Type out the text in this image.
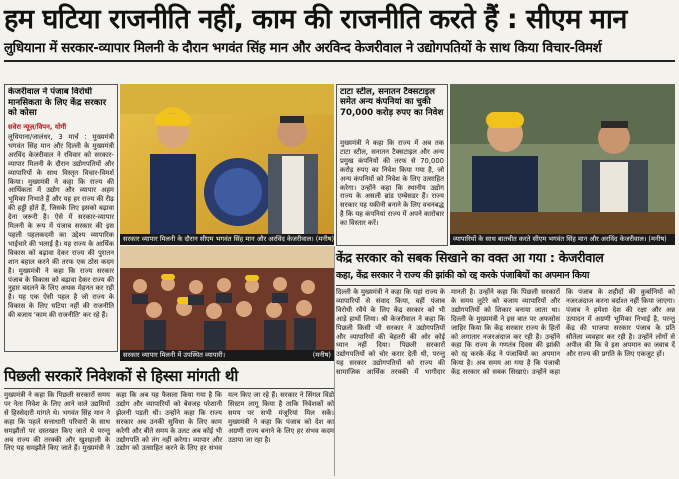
हम घटिया राजनीति नहीं, काम की राजनीति करते हैं : सीएम मान
लुधियाना में सरकार-व्यापार मिलनी के दौरान भगवंत सिंह मान और अरविन्द केजरीवाल ने उद्योगपतियों के साथ किया विचार-विमर्श
केजरीवाल ने पंजाब विरोधी मानसिकता के लिए केंद्र सरकार को कोसा
सवेरा न्यूज़/विपन, योगी
लुधियाना/जालंधर, 3 मार्च : मुख्यमंत्री भगवंत सिंह मान और दिल्ली के मुख्यमंत्री अरविंद केजरीवाल ने रविवार को सरकार-व्यापार मिलनी के दौरान उद्योगपतियों और व्यापारियों के साथ विस्तृत विचार-विमर्श किया। मुख्यमंत्री ने कहा कि राज्य की आर्थिकता में उद्योग और व्यापार अहम भूमिका निभाते हैं और यह हर राज्य की रीढ़ की हड्डी होते हैं, जिसके लिए इसको बढ़ावा देना जरूरी है। ऐसे में सरकार-व्यापार मिलनी के रूप में पंजाब सरकार की इस पहली पहलकदमी का उद्देश्य व्यापारिक भाईचारे की भलाई है। यह राज्य के आर्थिक विकास को बढ़ावा देकर राज्य की पुरातन शान बहाल करने की तरफ एक ठोस कदम है। मुख्यमंत्री ने कहा कि राज्य सरकार पंजाब के विकास को बढ़ावा देकर राज्य की नुहार बदलने के लिए अथक मेहनत कर रही है। यह एक ऐसी पहल है जो राज्य के विकास के लिए घटिया नहीं की राजनीति की बजाय 'काम की राजनीति' कर रहे हैं।
सरकार व्यापार मिलनी के दौरान सीएम भगवंत सिंह मान और अरविंद केजरीवाल। (मनीष)
टाटा स्टील, सनातन टैक्सटाइल समेत अन्य कंपनियां का चुकी 70,000 करोड़ रुपए का निवेश
मुख्यमंत्री ने कहा कि राज्य में अब तक टाटा स्टील, सनातन टैक्सटाइल और अन्य प्रमुख कंपनियों की तरफ से 70,000 करोड़ रुपए का निवेश किया गया है, जो अन्य कंपनियों को निवेश के लिए उत्साहित करेगा। उन्होंने कहा कि स्थानीय उद्योग राज्य के असली ब्रांड एम्बेसडर हैं। राज्य सरकार यह यकीनी बनाने के लिए वचनबद्ध है कि यह कंपनियां राज्य में अपने कारोबार का विस्तार करें।
व्यापारियों के साथ बातचीत करते सीएम भगवंत सिंह मान और अरविंद केजरीवाल। (मनीष)
सरकार व्यापार मिलनी में उपस्थित व्यापारी।	(मनीष)
केंद्र सरकार को सबक सिखाने का वक्त आ गया : केजरीवाल
कहा, केंद्र सरकार ने राज्य की झांकी को रद्द करके पंजाबियों का अपमान किया
दिल्ली के मुख्यमंत्री ने कहा कि यहां राज्य के व्यापारियों से संवाद किया, वहीं पंजाब विरोधी रवैये के लिए केंद्र सरकार को भी आड़े हाथों लिया। श्री केजरीवाल ने कहा कि पिछली किसी भी सरकार ने उद्योगपतियों और व्यापारियों की बेहतरी की ओर कोई ध्यान नहीं दिया। पिछली सरकारों उद्योगपतियों को चोर करार देती थी, परन्तु यह सरकार उद्योगपतियों को राज्य की सामाजिक आर्थिक तरक्की में भागीदार मानती है। उन्होंने कहा कि पिछली सरकारों के समय लुटेरे को बजाय व्यापारियों और उद्योगपतियों को शिकार बनाया जाता था। दिल्ली के मुख्यमंत्री ने इस बात पर अफसोस जाहिर किया कि केंद्र सरकार राज्य के हितों को लगातार नजरअंदाज कर रही है। उन्होंने कहा कि राज्य के गणतंत्र दिवस की झांकी को रद्द करके केंद्र ने पंजाबियों का अपमान किया है। अब समय आ गया है कि पंजाबी केंद्र सरकार को सबक सिखाएं। उन्होंने कहा कि पंजाब के शहीदों की कुर्बानियों को नजरअंदाज करना बर्दाश्त नहीं किया जाएगा। पंजाब ने हमेशा देश की रक्षा और अन्न उत्पादन में अग्रणी भूमिका निभाई है, परन्तु केंद्र की भाजपा सरकार पंजाब के प्रति सौतेला व्यवहार कर रही है। उन्होंने लोगों से अपील की कि वे इस अपमान का जवाब दें और राज्य की प्रगति के लिए एकजुट हों।
पिछली सरकारें निवेशकों से हिस्सा मांगती थी
मुख्यमंत्री ने कहा कि पिछली सरकारों समय पर नेता निवेश के लिए आने वाले उद्यमियों से हिस्सेदारी मांगते थे। भगवंत सिंह मान ने कहा कि पहले सत्ताधारी परिवारों के साथ समझौतों पर दस्तखत किए जाते थे परन्तु अब राज्य की तरक्की और खुशहाली के लिए यह समझौते किए जाते हैं। मुख्यमंत्री ने कहा कि अब यह फैसला किया गया है कि उद्योग और व्यापारियों को बेवजह परेशानी झेलनी पड़ती थी। उन्होंने कहा कि राज्य सरकार अब उनकी सुविधा के लिए काम करेगी और बीते समय के उलट अब कोई भी उद्योगपति को तंग नहीं करेगा। व्यापार और उद्योग को उत्साहित करने के लिए हर संभव यत्न किए जा रहे हैं। सरकार ने सिंगल विंडो सिस्टम लागू किया है ताकि निवेशकों को समय पर सभी मंजूरियां मिल सकें। मुख्यमंत्री ने कहा कि पंजाब को देश का अग्रणी राज्य बनाने के लिए हर संभव कदम उठाया जा रहा है।
